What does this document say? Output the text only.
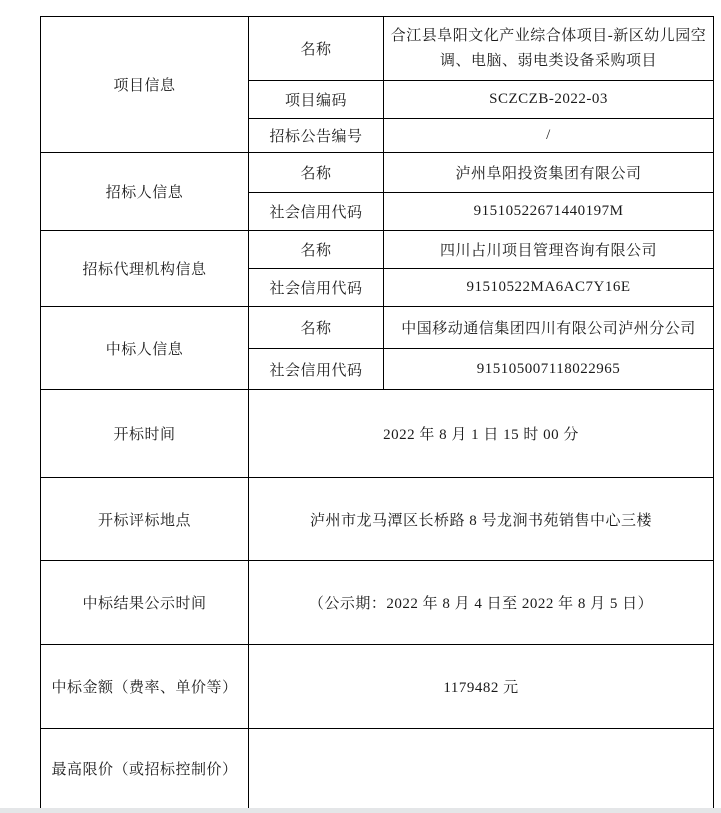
项目信息	名称	合江县阜阳文化产业综合体项目-新区幼儿园空调、电脑、弱电类设备采购项目
	项目编码	SCZCZB-2022-03
	招标公告编号	/
招标人信息	名称	泸州阜阳投资集团有限公司
	社会信用代码	91510522671440197M
招标代理机构信息	名称	四川占川项目管理咨询有限公司
	社会信用代码	91510522MA6AC7Y16E
中标人信息	名称	中国移动通信集团四川有限公司泸州分公司
	社会信用代码	915105007118022965
开标时间	2022 年 8 月 1 日 15 时 00 分	
开标评标地点	泸州市龙马潭区长桥路 8 号龙涧书苑销售中心三楼	
中标结果公示时间	（公示期：2022 年 8 月 4 日至 2022 年 8 月 5 日）	
中标金额（费率、单价等）	1179482 元	
最高限价（或招标控制价）		
